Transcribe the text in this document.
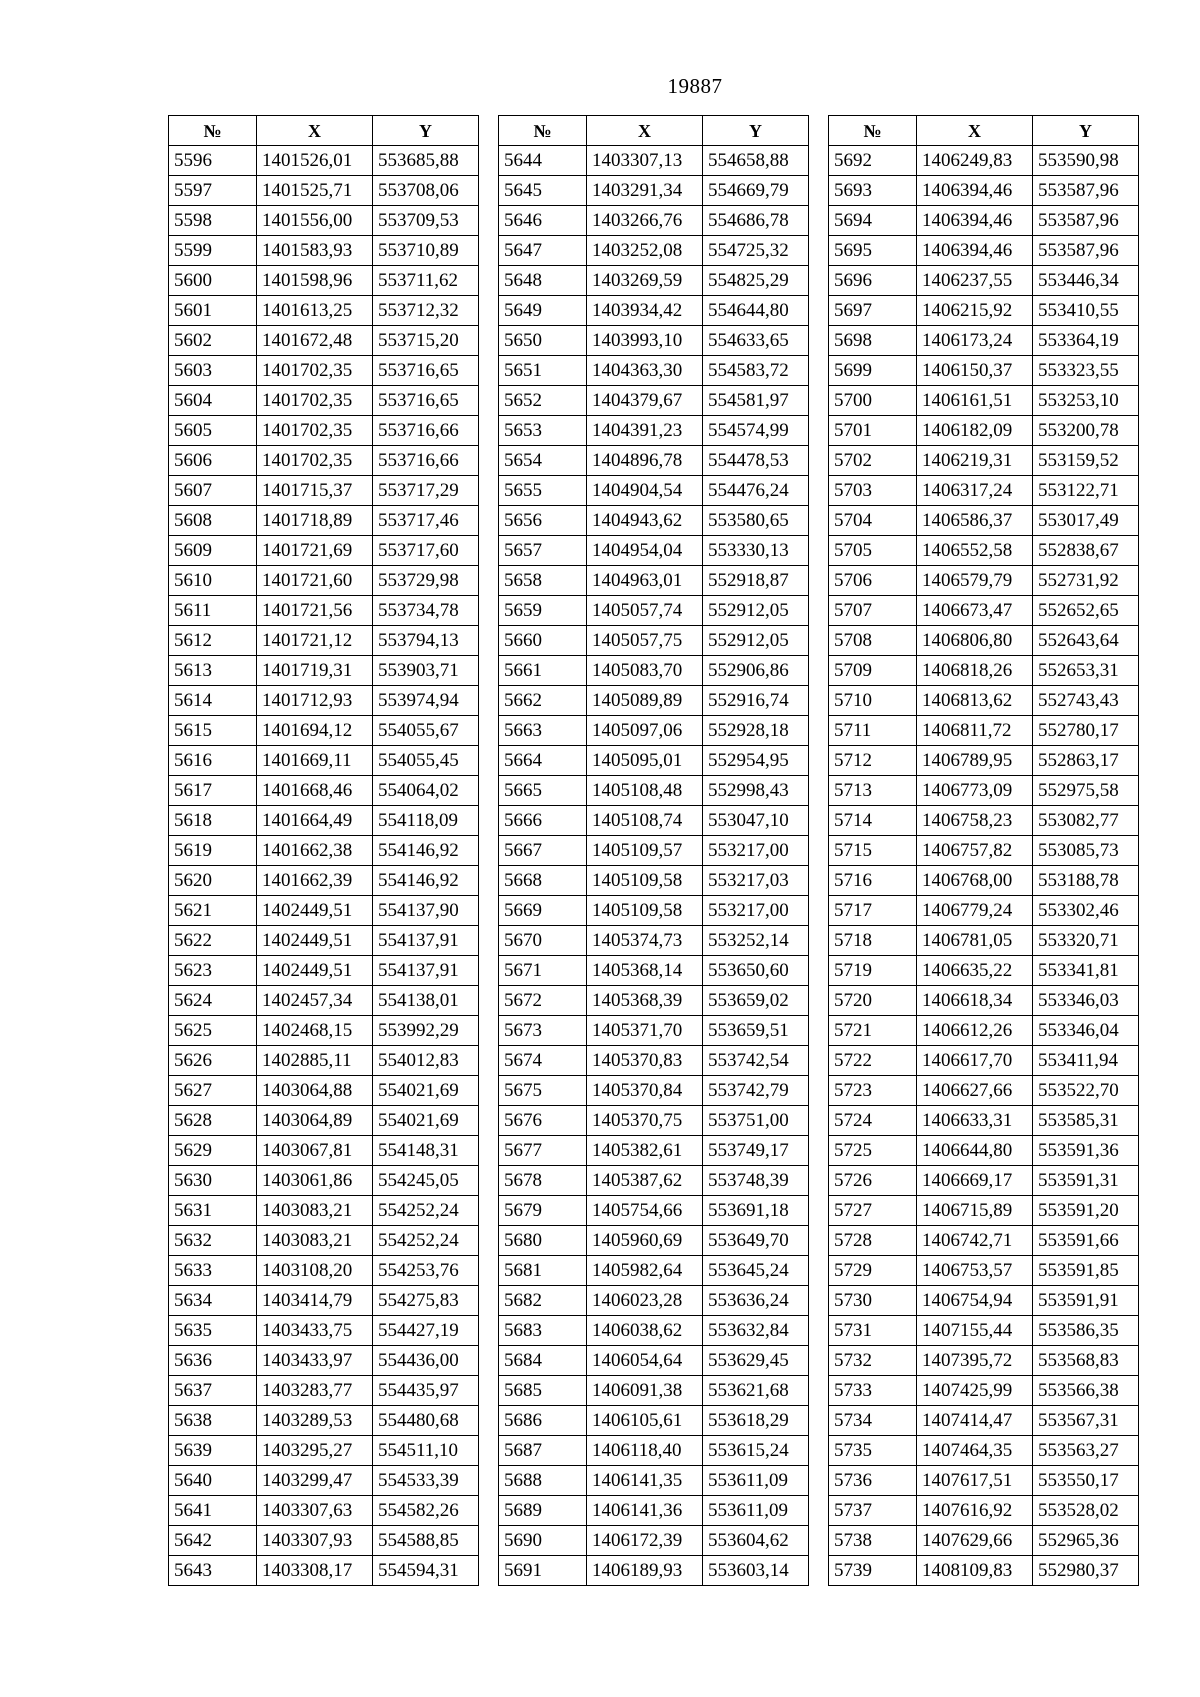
19887
№	X	Y
5596	1401526,01	553685,88
5597	1401525,71	553708,06
5598	1401556,00	553709,53
5599	1401583,93	553710,89
5600	1401598,96	553711,62
5601	1401613,25	553712,32
5602	1401672,48	553715,20
5603	1401702,35	553716,65
5604	1401702,35	553716,65
5605	1401702,35	553716,66
5606	1401702,35	553716,66
5607	1401715,37	553717,29
5608	1401718,89	553717,46
5609	1401721,69	553717,60
5610	1401721,60	553729,98
5611	1401721,56	553734,78
5612	1401721,12	553794,13
5613	1401719,31	553903,71
5614	1401712,93	553974,94
5615	1401694,12	554055,67
5616	1401669,11	554055,45
5617	1401668,46	554064,02
5618	1401664,49	554118,09
5619	1401662,38	554146,92
5620	1401662,39	554146,92
5621	1402449,51	554137,90
5622	1402449,51	554137,91
5623	1402449,51	554137,91
5624	1402457,34	554138,01
5625	1402468,15	553992,29
5626	1402885,11	554012,83
5627	1403064,88	554021,69
5628	1403064,89	554021,69
5629	1403067,81	554148,31
5630	1403061,86	554245,05
5631	1403083,21	554252,24
5632	1403083,21	554252,24
5633	1403108,20	554253,76
5634	1403414,79	554275,83
5635	1403433,75	554427,19
5636	1403433,97	554436,00
5637	1403283,77	554435,97
5638	1403289,53	554480,68
5639	1403295,27	554511,10
5640	1403299,47	554533,39
5641	1403307,63	554582,26
5642	1403307,93	554588,85
5643	1403308,17	554594,31
№	X	Y
5644	1403307,13	554658,88
5645	1403291,34	554669,79
5646	1403266,76	554686,78
5647	1403252,08	554725,32
5648	1403269,59	554825,29
5649	1403934,42	554644,80
5650	1403993,10	554633,65
5651	1404363,30	554583,72
5652	1404379,67	554581,97
5653	1404391,23	554574,99
5654	1404896,78	554478,53
5655	1404904,54	554476,24
5656	1404943,62	553580,65
5657	1404954,04	553330,13
5658	1404963,01	552918,87
5659	1405057,74	552912,05
5660	1405057,75	552912,05
5661	1405083,70	552906,86
5662	1405089,89	552916,74
5663	1405097,06	552928,18
5664	1405095,01	552954,95
5665	1405108,48	552998,43
5666	1405108,74	553047,10
5667	1405109,57	553217,00
5668	1405109,58	553217,03
5669	1405109,58	553217,00
5670	1405374,73	553252,14
5671	1405368,14	553650,60
5672	1405368,39	553659,02
5673	1405371,70	553659,51
5674	1405370,83	553742,54
5675	1405370,84	553742,79
5676	1405370,75	553751,00
5677	1405382,61	553749,17
5678	1405387,62	553748,39
5679	1405754,66	553691,18
5680	1405960,69	553649,70
5681	1405982,64	553645,24
5682	1406023,28	553636,24
5683	1406038,62	553632,84
5684	1406054,64	553629,45
5685	1406091,38	553621,68
5686	1406105,61	553618,29
5687	1406118,40	553615,24
5688	1406141,35	553611,09
5689	1406141,36	553611,09
5690	1406172,39	553604,62
5691	1406189,93	553603,14
№	X	Y
5692	1406249,83	553590,98
5693	1406394,46	553587,96
5694	1406394,46	553587,96
5695	1406394,46	553587,96
5696	1406237,55	553446,34
5697	1406215,92	553410,55
5698	1406173,24	553364,19
5699	1406150,37	553323,55
5700	1406161,51	553253,10
5701	1406182,09	553200,78
5702	1406219,31	553159,52
5703	1406317,24	553122,71
5704	1406586,37	553017,49
5705	1406552,58	552838,67
5706	1406579,79	552731,92
5707	1406673,47	552652,65
5708	1406806,80	552643,64
5709	1406818,26	552653,31
5710	1406813,62	552743,43
5711	1406811,72	552780,17
5712	1406789,95	552863,17
5713	1406773,09	552975,58
5714	1406758,23	553082,77
5715	1406757,82	553085,73
5716	1406768,00	553188,78
5717	1406779,24	553302,46
5718	1406781,05	553320,71
5719	1406635,22	553341,81
5720	1406618,34	553346,03
5721	1406612,26	553346,04
5722	1406617,70	553411,94
5723	1406627,66	553522,70
5724	1406633,31	553585,31
5725	1406644,80	553591,36
5726	1406669,17	553591,31
5727	1406715,89	553591,20
5728	1406742,71	553591,66
5729	1406753,57	553591,85
5730	1406754,94	553591,91
5731	1407155,44	553586,35
5732	1407395,72	553568,83
5733	1407425,99	553566,38
5734	1407414,47	553567,31
5735	1407464,35	553563,27
5736	1407617,51	553550,17
5737	1407616,92	553528,02
5738	1407629,66	552965,36
5739	1408109,83	552980,37
